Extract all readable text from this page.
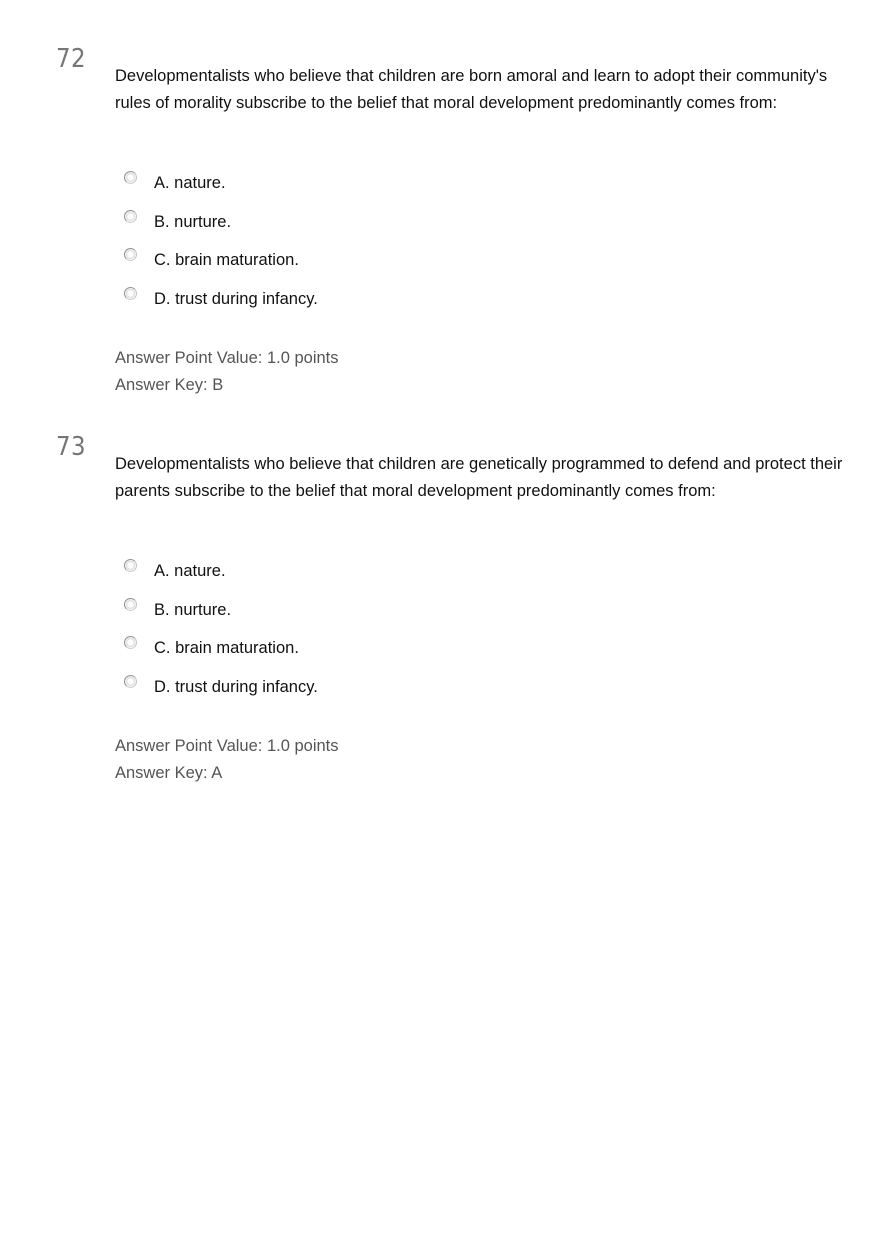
72

Developmentalists who believe that children are born amoral and learn to adopt their community's rules of morality subscribe to the belief that moral development predominantly comes from:

A. nature.
B. nurture.
C. brain maturation.
D. trust during infancy.
Answer Point Value: 1.0 points
Answer Key: B
73

Developmentalists who believe that children are genetically programmed to defend and protect their parents subscribe to the belief that moral development predominantly comes from:

A. nature.
B. nurture.
C. brain maturation.
D. trust during infancy.
Answer Point Value: 1.0 points
Answer Key: A
